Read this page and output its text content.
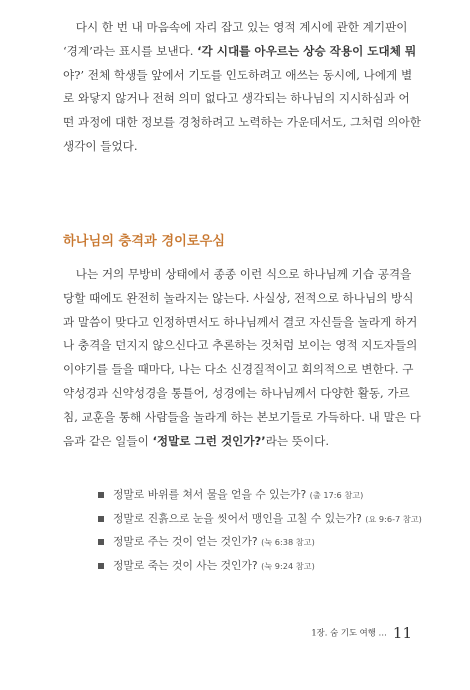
다시 한 번 내 마음속에 자리 잡고 있는 영적 계시에 관한 계기판이
‘경계’라는 표시를 보낸다. ‘각 시대를 아우르는 상승 작용이 도대체 뭐
야?’ 전체 학생들 앞에서 기도를 인도하려고 애쓰는 동시에, 나에게 별
로 와닿지 않거나 전혀 의미 없다고 생각되는 하나님의 지시하심과 어
떤 과정에 대한 정보를 경청하려고 노력하는 가운데서도, 그처럼 의아한
생각이 들었다.

하나님의 충격과 경이로우심

나는 거의 무방비 상태에서 종종 이런 식으로 하나님께 기습 공격을
당할 때에도 완전히 놀라지는 않는다. 사실상, 전적으로 하나님의 방식
과 말씀이 맞다고 인정하면서도 하나님께서 결코 자신들을 놀라게 하거
나 충격을 던지지 않으신다고 추론하는 것처럼 보이는 영적 지도자들의
이야기를 들을 때마다, 나는 다소 신경질적이고 회의적으로 변한다. 구
약성경과 신약성경을 통틀어, 성경에는 하나님께서 다양한 활동, 가르
침, 교훈을 통해 사람들을 놀라게 하는 본보기들로 가득하다. 내 말은 다
음과 같은 일들이 ‘정말로 그런 것인가?’라는 뜻이다.

정말로 바위를 쳐서 물을 얻을 수 있는가? (출 17:6 참고)
정말로 진흙으로 눈을 씻어서 맹인을 고칠 수 있는가? (요 9:6-7 참고)
정말로 주는 것이 얻는 것인가? (눅 6:38 참고)
정말로 죽는 것이 사는 것인가? (눅 9:24 참고)
1장. 숨 기도 여행 … 11
